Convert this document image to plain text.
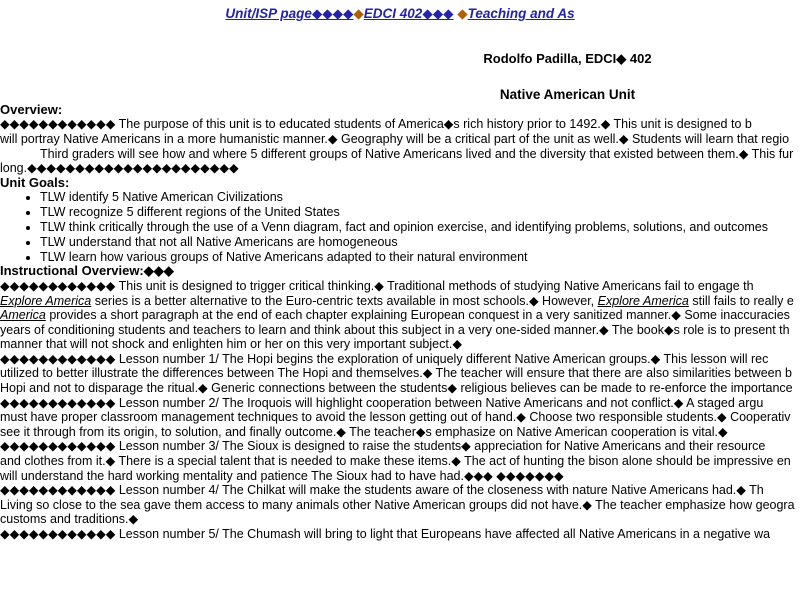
Unit/ISP page◆◆◆◆◆EDCI 402◆◆◆ ◆Teaching and As
Rodolfo Padilla, EDCI◆ 402
Native American Unit
Overview:

◆◆◆◆◆◆◆◆◆◆◆◆ The purpose of this unit is to educated students of America◆s rich history prior to 1492.◆ This unit is designed to b
will portray Native Americans in a more humanistic manner.◆ Geography will be a critical part of the unit as well.◆ Students will learn that regio
Third graders will see how and where 5 different groups of Native Americans lived and the diversity that existed between them.◆ This fur
long.◆◆◆◆◆◆◆◆◆◆◆◆◆◆◆◆◆◆◆◆◆◆

Unit Goals:
• TLW identify 5 Native American Civilizations
• TLW recognize 5 different regions of the United States
• TLW think critically through the use of a Venn diagram, fact and opinion exercise, and identifying problems, solutions, and outcomes
• TLW understand that not all Native Americans are homogeneous
• TLW learn how various groups of Native Americans adapted to their natural environment
Instructional Overview:◆◆◆

◆◆◆◆◆◆◆◆◆◆◆◆ This unit is designed to trigger critical thinking.◆ Traditional methods of studying Native Americans fail to engage th
Explore America series is a better alternative to the Euro-centric texts available in most schools.◆ However, Explore America still fails to really e
America provides a short paragraph at the end of each chapter explaining European conquest in a very sanitized manner.◆ Some inaccuracies
years of conditioning students and teachers to learn and think about this subject in a very one-sided manner.◆ The book◆s role is to present th
manner that will not shock and enlighten him or her on this very important subject.◆

◆◆◆◆◆◆◆◆◆◆◆◆ Lesson number 1/ The Hopi begins the exploration of uniquely different Native American groups.◆ This lesson will rec
utilized to better illustrate the differences between The Hopi and themselves.◆ The teacher will ensure that there are also similarities between b
Hopi and not to disparage the ritual.◆ Generic connections between the students◆ religious believes can be made to re-enforce the importance

◆◆◆◆◆◆◆◆◆◆◆◆ Lesson number 2/ The Iroquois will highlight cooperation between Native Americans and not conflict.◆ A staged argu
must have proper classroom management techniques to avoid the lesson getting out of hand.◆ Choose two responsible students.◆ Cooperativ
see it through from its origin, to solution, and finally outcome.◆ The teacher◆s emphasize on Native American cooperation is vital.◆

◆◆◆◆◆◆◆◆◆◆◆◆ Lesson number 3/ The Sioux is designed to raise the students◆ appreciation for Native Americans and their resource
and clothes from it.◆ There is a special talent that is needed to make these items.◆ The act of hunting the bison alone should be impressive en
will understand the hard working mentality and patience The Sioux had to have had.◆◆◆ ◆◆◆◆◆◆◆

◆◆◆◆◆◆◆◆◆◆◆◆ Lesson number 4/ The Chilkat will make the students aware of the closeness with nature Native Americans had.◆ Th
Living so close to the sea gave them access to many animals other Native American groups did not have.◆ The teacher emphasize how geogra
customs and traditions.◆

◆◆◆◆◆◆◆◆◆◆◆◆ Lesson number 5/ The Chumash will bring to light that Europeans have affected all Native Americans in a negative wa
